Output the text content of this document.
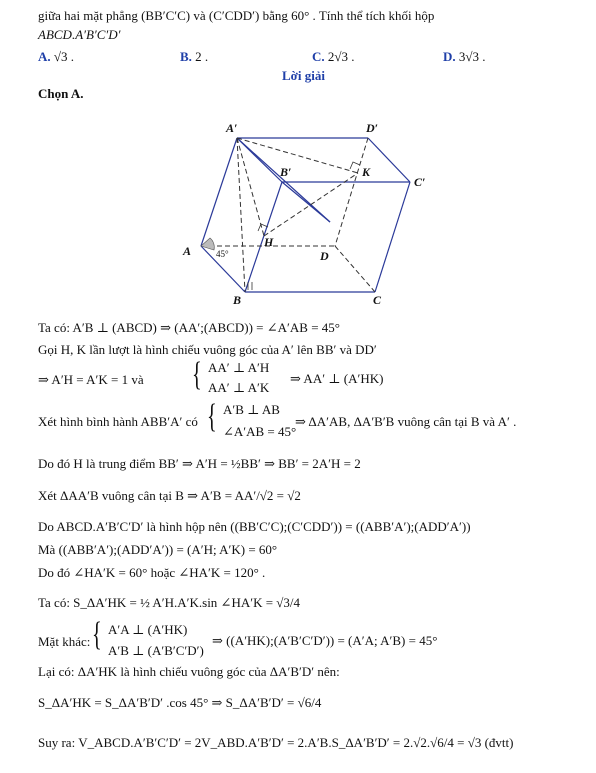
giữa hai mặt phẳng (BB′C′C) và (C′CDD′) bằng 60° . Tính thể tích khối hộp
ABCD.A′B′C′D′
A. √3 .	B. 2 .	C. 2√3 .	D. 3√3 .
Lời giải
Chọn A.
A′	D′
B′
C′
K
H
A	D
B	C
45°
Ta có: A′B ⊥ (ABCD) ⇒ (AA′;(ABCD)) = ∠A′AB = 45°
Gọi H, K lần lượt là hình chiếu vuông góc của A′ lên BB′ và DD′
⇒ A′H = A′K = 1 và { AA′ ⊥ A′H
AA′ ⊥ A′K
⇒ AA′ ⊥ (A′HK)
Xét hình bình hành ABB′A′ có { A′B ⊥ AB
∠A′AB = 45°
⇒ ΔA′AB, ΔA′B′B vuông cân tại B và A′ .
Do đó H là trung điểm BB′ ⇒ A′H = ½BB′ ⇒ BB′ = 2A′H = 2
Xét ΔAA′B vuông cân tại B ⇒ A′B = AA′/√2 = √2
Do ABCD.A′B′C′D′ là hình hộp nên ((BB′C′C);(C′CDD′)) = ((ABB′A′);(ADD′A′))
Mà ((ABB′A′);(ADD′A′)) = (A′H; A′K) = 60°
Do đó ∠HA′K = 60° hoặc ∠HA′K = 120° .
Ta có: S_ΔA′HK = ½ A′H.A′K.sin ∠HA′K = √3/4
Mặt khác: { A′A ⊥ (A′HK)
A′B ⊥ (A′B′C′D′)
⇒ ((A′HK);(A′B′C′D′)) = (A′A; A′B) = 45°
Lại có: ΔA′HK là hình chiếu vuông góc của ΔA′B′D′ nên:
S_ΔA′HK = S_ΔA′B′D′ .cos 45° ⇒ S_ΔA′B′D′ = √6/4
Suy ra: V_ABCD.A′B′C′D′ = 2V_ABD.A′B′D′ = 2.A′B.S_ΔA′B′D′ = 2.√2.√6/4 = √3 (đvtt)
